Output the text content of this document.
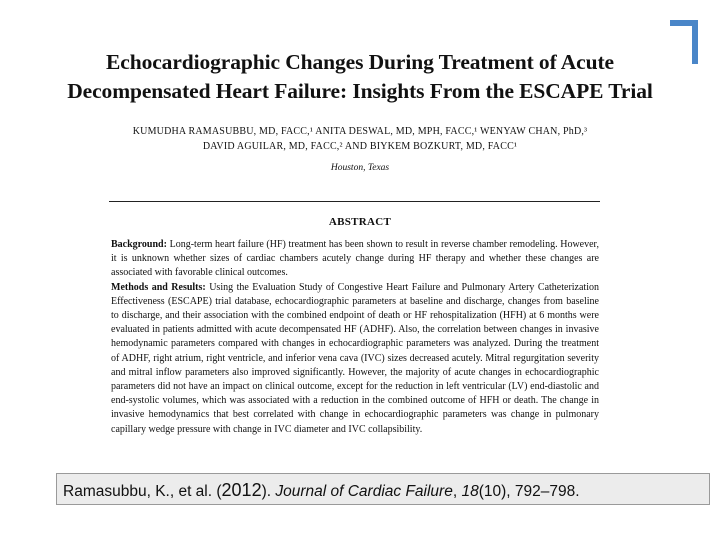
Echocardiographic Changes During Treatment of Acute
Decompensated Heart Failure: Insights From the ESCAPE Trial
KUMUDHA RAMASUBBU, MD, FACC,¹ ANITA DESWAL, MD, MPH, FACC,¹ WENYAW CHAN, PhD,³
DAVID AGUILAR, MD, FACC,² AND BIYKEM BOZKURT, MD, FACC¹
Houston, Texas
ABSTRACT

Background: Long-term heart failure (HF) treatment has been shown to result in reverse chamber remodeling. However, it is unknown whether sizes of cardiac chambers acutely change during HF therapy and whether these changes are associated with favorable clinical outcomes.

Methods and Results: Using the Evaluation Study of Congestive Heart Failure and Pulmonary Artery Catheterization Effectiveness (ESCAPE) trial database, echocardiographic parameters at baseline and discharge, changes from baseline to discharge, and their association with the combined endpoint of death or HF rehospitalization (HFH) at 6 months were evaluated in patients admitted with acute decompensated HF (ADHF). Also, the correlation between changes in invasive hemodynamic parameters compared with changes in echocardiographic parameters was analyzed. During the treatment of ADHF, right atrium, right ventricle, and inferior vena cava (IVC) sizes decreased acutely. Mitral regurgitation severity and mitral inflow parameters also improved significantly. However, the majority of acute changes in echocardiographic parameters did not have an impact on clinical outcome, except for the reduction in left ventricular (LV) end-diastolic and end-systolic volumes, which was associated with a reduction in the combined outcome of HFH or death. The change in invasive hemodynamics that best correlated with change in echocardiographic parameters was change in pulmonary capillary wedge pressure with change in IVC diameter and IVC collapsibility.

Ramasubbu, K., et al. (2012). Journal of Cardiac Failure, 18(10), 792–798.
